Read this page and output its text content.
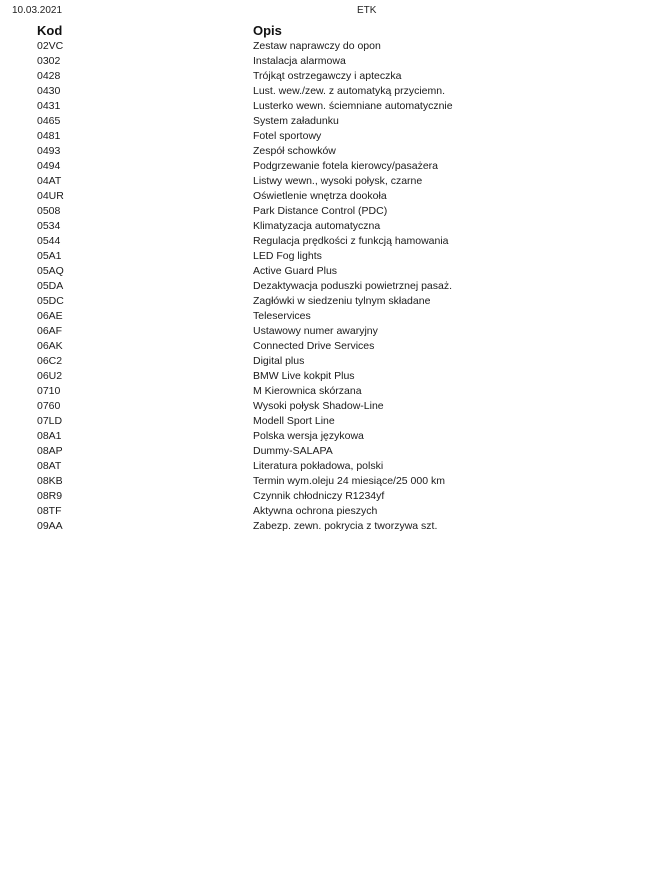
10.03.2021	ETK
Kod	Opis
02VC	Zestaw naprawczy do opon
0302	Instalacja alarmowa
0428	Trójkąt ostrzegawczy i apteczka
0430	Lust. wew./zew. z automatyką przyciemn.
0431	Lusterko wewn. ściemniane automatycznie
0465	System załadunku
0481	Fotel sportowy
0493	Zespół schowków
0494	Podgrzewanie fotela kierowcy/pasażera
04AT	Listwy wewn., wysoki połysk, czarne
04UR	Oświetlenie wnętrza dookoła
0508	Park Distance Control (PDC)
0534	Klimatyzacja automatyczna
0544	Regulacja prędkości z funkcją hamowania
05A1	LED Fog lights
05AQ	Active Guard Plus
05DA	Dezaktywacja poduszki powietrznej pasaż.
05DC	Zagłówki w siedzeniu tylnym składane
06AE	Teleservices
06AF	Ustawowy numer awaryjny
06AK	Connected Drive Services
06C2	Digital plus
06U2	BMW Live kokpit Plus
0710	M Kierownica skórzana
0760	Wysoki połysk Shadow-Line
07LD	Modell Sport Line
08A1	Polska wersja językowa
08AP	Dummy-SALAPA
08AT	Literatura pokładowa, polski
08KB	Termin wym.oleju 24 miesiące/25 000 km
08R9	Czynnik chłodniczy R1234yf
08TF	Aktywna ochrona pieszych
09AA	Zabezp. zewn. pokrycia z tworzywa szt.
